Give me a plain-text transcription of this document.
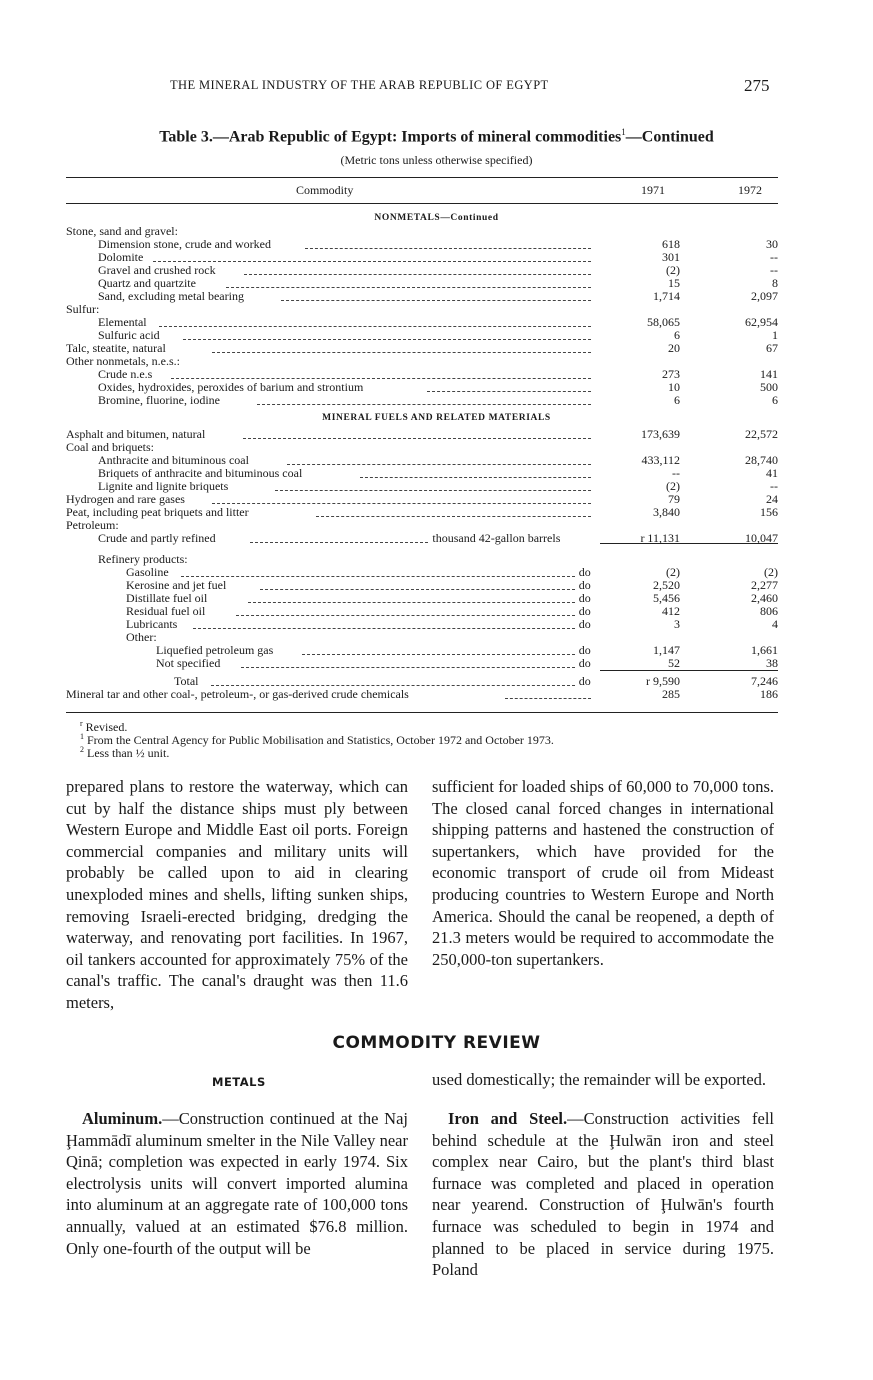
THE MINERAL INDUSTRY OF THE ARAB REPUBLIC OF EGYPT	275
Table 3.—Arab Republic of Egypt: Imports of mineral commodities$^1$—Continued
(Metric tons unless otherwise specified)
Commodity	1971	1972
NONMETALS—Continued
MINERAL FUELS AND RELATED MATERIALS
Stone, sand and gravel:
Dimension stone, crude and worked	618	30
Dolomite	301	--
Gravel and crushed rock	(2)	--
Quartz and quartzite	15	8
Sand, excluding metal bearing	1,714	2,097
Sulfur:
Elemental	58,065	62,954
Sulfuric acid	6	1
Talc, steatite, natural	20	67
Other nonmetals, n.e.s.:
Crude n.e.s	273	141
Oxides, hydroxides, peroxides of barium and strontium	10	500
Bromine, fluorine, iodine	6	6
Asphalt and bitumen, natural	173,639	22,572
Coal and briquets:
Anthracite and bituminous coal	433,112	28,740
Briquets of anthracite and bituminous coal	--	41
Lignite and lignite briquets	(2)	--
Hydrogen and rare gases	79	24
Peat, including peat briquets and litter	3,840	156
Petroleum:
Crude and partly refined	thousand 42-gallon barrels	r 11,131	10,047
Refinery products:
Gasoline	do	(2)	(2)
Kerosine and jet fuel	do	2,520	2,277
Distillate fuel oil	do	5,456	2,460
Residual fuel oil	do	412	806
Lubricants	do	3	4
Other:
Liquefied petroleum gas	do	1,147	1,661
Not specified	do	52	38
Total	do	r 9,590	7,246
Mineral tar and other coal-, petroleum-, or gas-derived crude chemicals	285	186
$^r$ Revised.
$^1$ From the Central Agency for Public Mobilisation and Statistics, October 1972 and October 1973.
$^2$ Less than ½ unit.
prepared plans to restore the waterway, which can cut by half the distance ships must ply between Western Europe and Middle East oil ports. Foreign commercial companies and military units will probably be called upon to aid in clearing unexploded mines and shells, lifting sunken ships, removing Israeli-erected bridging, dredging the waterway, and renovating port facilities. In 1967, oil tankers accounted for approximately 75% of the canal's traffic. The canal's draught was then 11.6 meters,
sufficient for loaded ships of 60,000 to 70,000 tons. The closed canal forced changes in international shipping patterns and hastened the construction of supertankers, which have provided for the economic transport of crude oil from Mideast producing countries to Western Europe and North America. Should the canal be reopened, a depth of 21.3 meters would be required to accommodate the 250,000-ton supertankers.
COMMODITY REVIEW
METALS
Aluminum.—Construction continued at the Naj Ḩammādī aluminum smelter in the Nile Valley near Qinā; completion was expected in early 1974. Six electrolysis units will convert imported alumina into aluminum at an aggregate rate of 100,000 tons annually, valued at an estimated $76.8 million. Only one-fourth of the output will be
used domestically; the remainder will be exported.
Iron and Steel.—Construction activities fell behind schedule at the Ḩulwān iron and steel complex near Cairo, but the plant's third blast furnace was completed and placed in operation near yearend. Construction of Ḩulwān's fourth furnace was scheduled to begin in 1974 and planned to be placed in service during 1975. Poland
